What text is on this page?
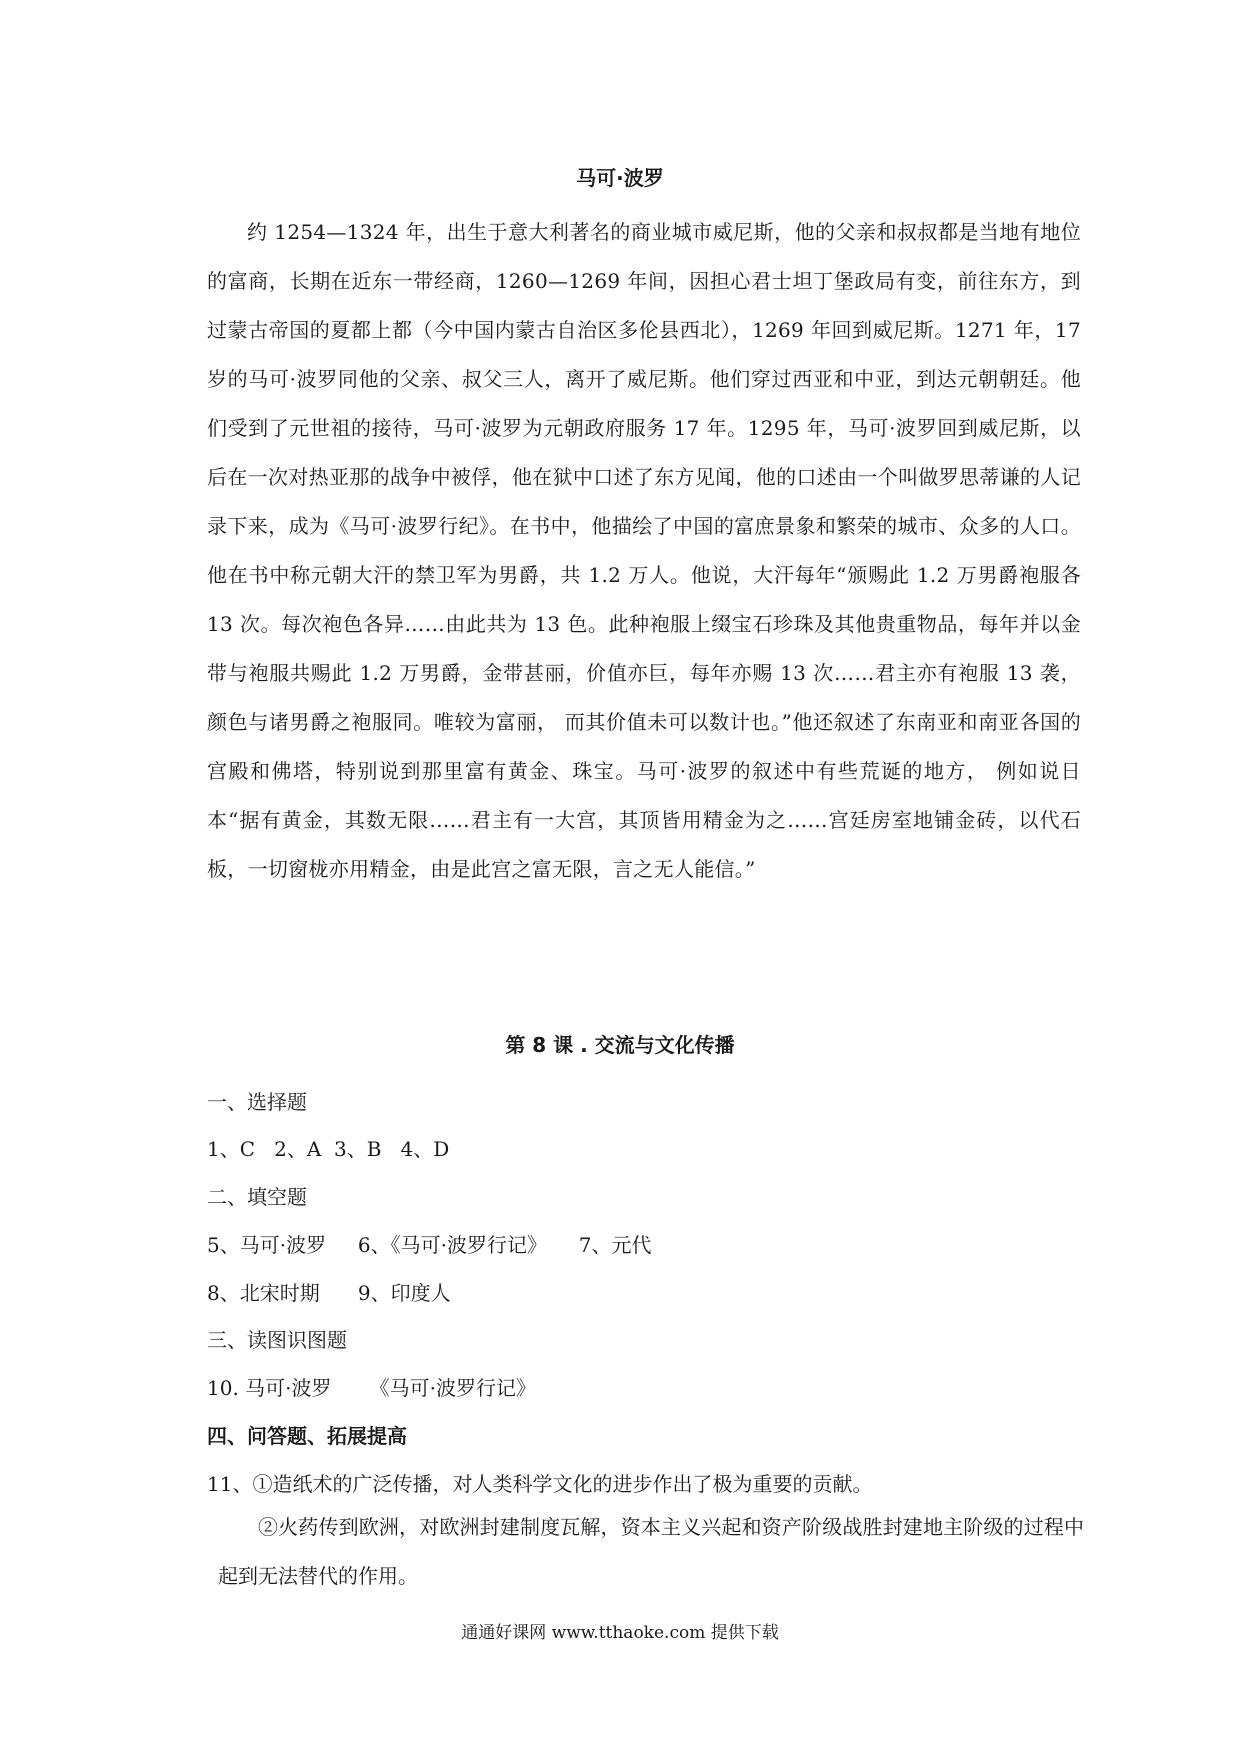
马可·波罗

约 1254—1324 年，出生于意大利著名的商业城市威尼斯，他的父亲和叔叔都是当地有地位的富商，长期在近东一带经商，1260—1269 年间，因担心君士坦丁堡政局有变，前往东方，到过蒙古帝国的夏都上都（今中国内蒙古自治区多伦县西北），1269 年回到威尼斯。1271 年，17 岁的马可·波罗同他的父亲、叔父三人，离开了威尼斯。他们穿过西亚和中亚，到达元朝朝廷。他们受到了元世祖的接待，马可·波罗为元朝政府服务 17 年。1295 年，马可·波罗回到威尼斯，以后在一次对热亚那的战争中被俘，他在狱中口述了东方见闻，他的口述由一个叫做罗思蒂谦的人记录下来，成为《马可·波罗行纪》。在书中，他描绘了中国的富庶景象和繁荣的城市、众多的人口。他在书中称元朝大汗的禁卫军为男爵，共 1.2 万人。他说，大汗每年“颁赐此 1.2 万男爵袍服各 13 次。每次袍色各异……由此共为 13 色。此种袍服上缀宝石珍珠及其他贵重物品，每年并以金带与袍服共赐此 1.2 万男爵，金带甚丽，价值亦巨，每年亦赐 13 次……君主亦有袍服 13 袭，颜色与诸男爵之袍服同。唯较为富丽， 而其价值未可以数计也。”他还叙述了东南亚和南亚各国的宫殿和佛塔，特别说到那里富有黄金、珠宝。马可·波罗的叙述中有些荒诞的地方， 例如说日本“据有黄金，其数无限……君主有一大宫，其顶皆用精金为之……宫廷房室地铺金砖，以代石板，一切窗栊亦用精金，由是此宫之富无限，言之无人能信。”

第 8 课 . 交流与文化传播

一、选择题

1、C   2、A  3、B   4、D

二、填空题

5、马可·波罗     6、《马可·波罗行记》     7、元代

8、北宋时期      9、印度人

三、读图识图题

10. 马可·波罗      《马可·波罗行记》

四、问答题、拓展提高

11、①造纸术的广泛传播，对人类科学文化的进步作出了极为重要的贡献。

②火药传到欧洲，对欧洲封建制度瓦解，资本主义兴起和资产阶级战胜封建地主阶级的过程中起到无法替代的作用。

通通好课网 www.tthaoke.com 提供下载
